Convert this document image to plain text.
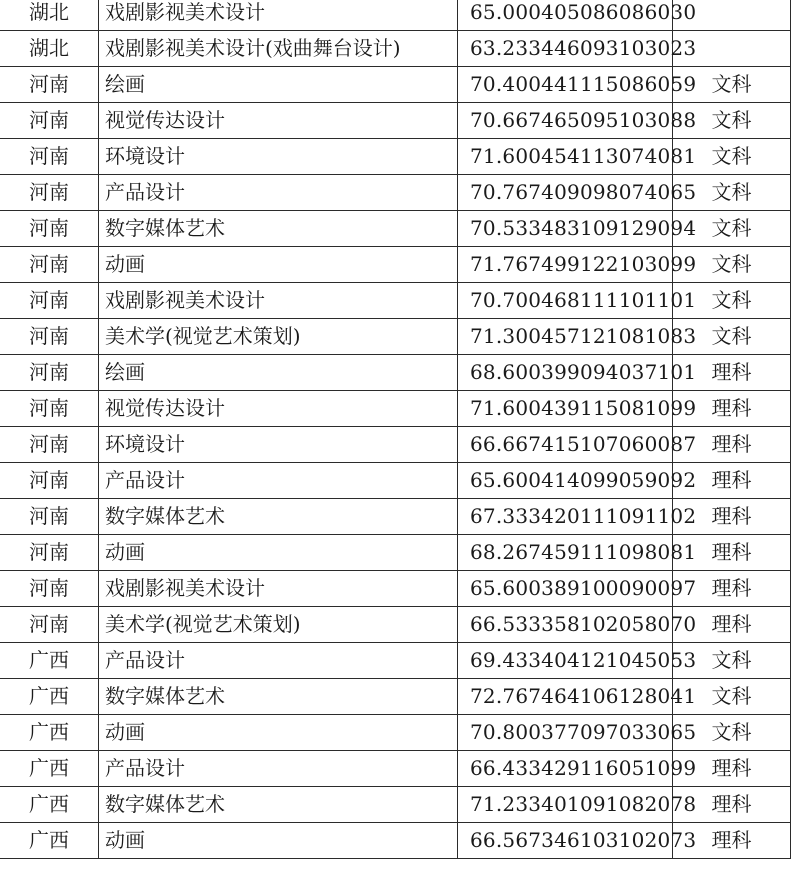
湖北	戏剧影视美术设计	65.000405086086030	
湖北	戏剧影视美术设计(戏曲舞台设计)	63.233446093103023	
河南	绘画	70.400441115086059	文科
河南	视觉传达设计	70.667465095103088	文科
河南	环境设计	71.600454113074081	文科
河南	产品设计	70.767409098074065	文科
河南	数字媒体艺术	70.533483109129094	文科
河南	动画	71.767499122103099	文科
河南	戏剧影视美术设计	70.700468111101101	文科
河南	美术学(视觉艺术策划)	71.300457121081083	文科
河南	绘画	68.600399094037101	理科
河南	视觉传达设计	71.600439115081099	理科
河南	环境设计	66.667415107060087	理科
河南	产品设计	65.600414099059092	理科
河南	数字媒体艺术	67.333420111091102	理科
河南	动画	68.267459111098081	理科
河南	戏剧影视美术设计	65.600389100090097	理科
河南	美术学(视觉艺术策划)	66.533358102058070	理科
广西	产品设计	69.433404121045053	文科
广西	数字媒体艺术	72.767464106128041	文科
广西	动画	70.800377097033065	文科
广西	产品设计	66.433429116051099	理科
广西	数字媒体艺术	71.233401091082078	理科
广西	动画	66.567346103102073	理科
